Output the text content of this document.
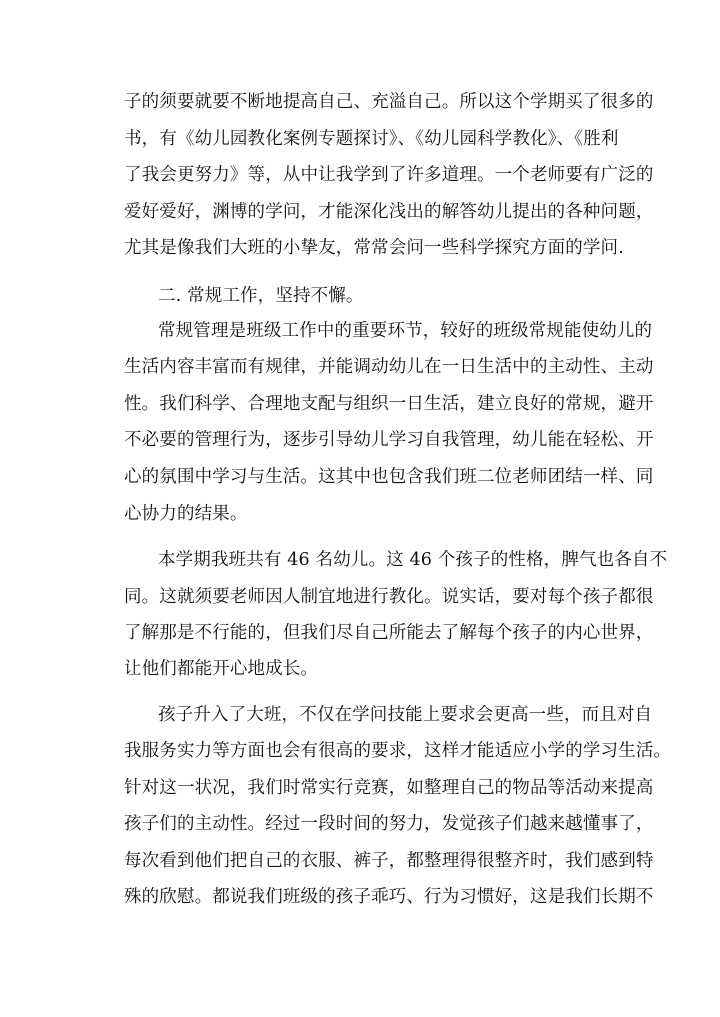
子的须要就要不断地提高自己、充溢自己。所以这个学期买了很多的
书，有《幼儿园教化案例专题探讨》、《幼儿园科学教化》、《胜利
了我会更努力》等，从中让我学到了许多道理。一个老师要有广泛的
爱好爱好，渊博的学问，才能深化浅出的解答幼儿提出的各种问题，
尤其是像我们大班的小挚友，常常会问一些科学探究方面的学问.
二. 常规工作，坚持不懈。
常规管理是班级工作中的重要环节，较好的班级常规能使幼儿的
生活内容丰富而有规律，并能调动幼儿在一日生活中的主动性、主动
性。我们科学、合理地支配与组织一日生活，建立良好的常规，避开
不必要的管理行为，逐步引导幼儿学习自我管理，幼儿能在轻松、开
心的氛围中学习与生活。这其中也包含我们班二位老师团结一样、同
心协力的结果。
本学期我班共有 46 名幼儿。这 46 个孩子的性格，脾气也各自不
同。这就须要老师因人制宜地进行教化。说实话，要对每个孩子都很
了解那是不行能的，但我们尽自己所能去了解每个孩子的内心世界，
让他们都能开心地成长。
孩子升入了大班，不仅在学问技能上要求会更高一些，而且对自
我服务实力等方面也会有很高的要求，这样才能适应小学的学习生活。
针对这一状况，我们时常实行竞赛，如整理自己的物品等活动来提高
孩子们的主动性。经过一段时间的努力，发觉孩子们越来越懂事了，
每次看到他们把自己的衣服、裤子，都整理得很整齐时，我们感到特
殊的欣慰。都说我们班级的孩子乖巧、行为习惯好，这是我们长期不
